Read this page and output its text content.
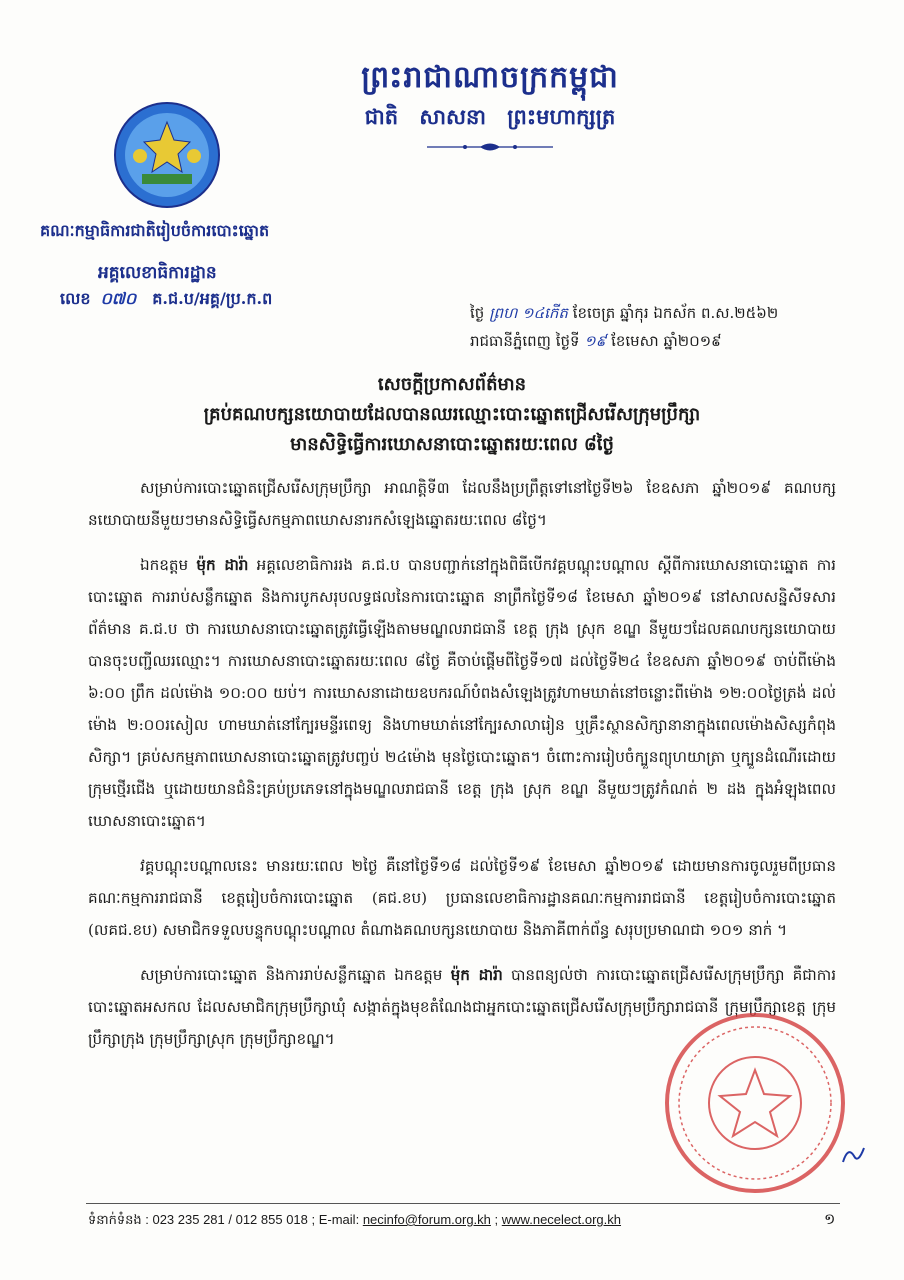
ព្រះរាជាណាចក្រកម្ពុជា
ជាតិ សាសនា ព្រះមហាក្សត្រ
គណៈកម្មាធិការជាតិរៀបចំការបោះឆ្នោត
អគ្គលេខាធិការដ្ឋាន
លេខ ០៧០ គ.ជ.ប/អគ្គ/ប្រ.ក.ព
ថ្ងៃ ព្រហ ១៤កើត ខែចេត្រ ឆ្នាំកុរ ឯកស័ក ព.ស.២៥៦២
រាជធានីភ្នំពេញ ថ្ងៃទី ១៩ ខែមេសា ឆ្នាំ២០១៩
សេចក្តីប្រកាសព័ត៌មាន
គ្រប់គណបក្សនយោបាយដែលបានឈរឈ្មោះបោះឆ្នោតជ្រើសរើសក្រុមប្រឹក្សា
មានសិទ្ធិធ្វើការឃោសនាបោះឆ្នោតរយៈពេល ៨ថ្ងៃ

សម្រាប់ការបោះឆ្នោតជ្រើសរើសក្រុមប្រឹក្សា អាណត្តិទី៣ ដែលនឹងប្រព្រឹត្តទៅនៅថ្ងៃទី២៦ ខែឧសភា ឆ្នាំ២០១៩ គណបក្សនយោបាយនីមួយៗមានសិទ្ធិធ្វើសកម្មភាពឃោសនារកសំឡេងឆ្នោតរយៈពេល ៨ថ្ងៃ។

ឯកឧត្តម ម៉ុក ដារ៉ា អគ្គលេខាធិការរង គ.ជ.ប បានបញ្ជាក់នៅក្នុងពិធីបើកវគ្គបណ្តុះបណ្តាល ស្តីពីការឃោសនាបោះឆ្នោត ការបោះឆ្នោត ការរាប់សន្លឹកឆ្នោត និងការបូកសរុបលទ្ធផលនៃការបោះឆ្នោត នាព្រឹកថ្ងៃទី១៨ ខែមេសា ឆ្នាំ២០១៩ នៅសាលសន្និសីទសារព័ត៌មាន គ.ជ.ប ថា ការឃោសនាបោះឆ្នោតត្រូវធ្វើឡើងតាមមណ្ឌលរាជធានី ខេត្ត ក្រុង ស្រុក ខណ្ឌ នីមួយៗដែលគណបក្សនយោបាយបានចុះបញ្ជីឈរឈ្មោះ។ ការឃោសនាបោះឆ្នោតរយៈពេល ៨ថ្ងៃ គឺចាប់ផ្តើមពីថ្ងៃទី១៧ ដល់ថ្ងៃទី២៤ ខែឧសភា ឆ្នាំ២០១៩ ចាប់ពីម៉ោង ៦:០០ ព្រឹក ដល់ម៉ោង ១០:០០ យប់។ ការឃោសនាដោយឧបករណ៍បំពងសំឡេងត្រូវហាមឃាត់នៅចន្លោះពីម៉ោង ១២:០០ថ្ងៃត្រង់ ដល់ម៉ោង ២:០០រសៀល ហាមឃាត់នៅក្បែរមន្ទីរពេទ្យ និងហាមឃាត់នៅក្បែរសាលារៀន ឬគ្រឹះស្ថានសិក្សានានាក្នុងពេលម៉ោងសិស្សកំពុងសិក្សា។ គ្រប់សកម្មភាពឃោសនាបោះឆ្នោតត្រូវបញ្ចប់ ២៤ម៉ោង មុនថ្ងៃបោះឆ្នោត។ ចំពោះការរៀបចំក្បួនព្យុហយាត្រា ឬក្បួនដំណើរដោយក្រុមថ្មើរជើង ឬដោយយានជំនិះគ្រប់ប្រភេទនៅក្នុងមណ្ឌលរាជធានី ខេត្ត ក្រុង ស្រុក ខណ្ឌ នីមួយៗត្រូវកំណត់ ២ ដង ក្នុងអំឡុងពេលឃោសនាបោះឆ្នោត។

វគ្គបណ្តុះបណ្តាលនេះ មានរយៈពេល ២ថ្ងៃ គឺនៅថ្ងៃទី១៨ ដល់ថ្ងៃទី១៩ ខែមេសា ឆ្នាំ២០១៩ ដោយមានការចូលរួមពីប្រធានគណៈកម្មការរាជធានី ខេត្តរៀបចំការបោះឆ្នោត (គជ.ខប) ប្រធានលេខាធិការដ្ឋានគណៈកម្មការរាជធានី ខេត្តរៀបចំការបោះឆ្នោត (លគជ.ខប) សមាជិកទទួលបន្ទុកបណ្តុះបណ្តាល តំណាងគណបក្សនយោបាយ និងភាគីពាក់ព័ន្ធ សរុបប្រមាណជា ១០១ នាក់ ។

សម្រាប់ការបោះឆ្នោត និងការរាប់សន្លឹកឆ្នោត ឯកឧត្តម ម៉ុក ដារ៉ា បានពន្យល់ថា ការបោះឆ្នោតជ្រើសរើសក្រុមប្រឹក្សា គឺជាការបោះឆ្នោតអសកល ដែលសមាជិកក្រុមប្រឹក្សាឃុំ សង្កាត់ក្នុងមុខតំណែងជាអ្នកបោះឆ្នោតជ្រើសរើសក្រុមប្រឹក្សារាជធានី ក្រុមប្រឹក្សាខេត្ត ក្រុមប្រឹក្សាក្រុង ក្រុមប្រឹក្សាស្រុក ក្រុមប្រឹក្សាខណ្ឌ។

ទំនាក់ទំនង : 023 235 281 / 012 855 018 ; E-mail: necinfo@forum.org.kh ; www.necelect.org.kh	១
